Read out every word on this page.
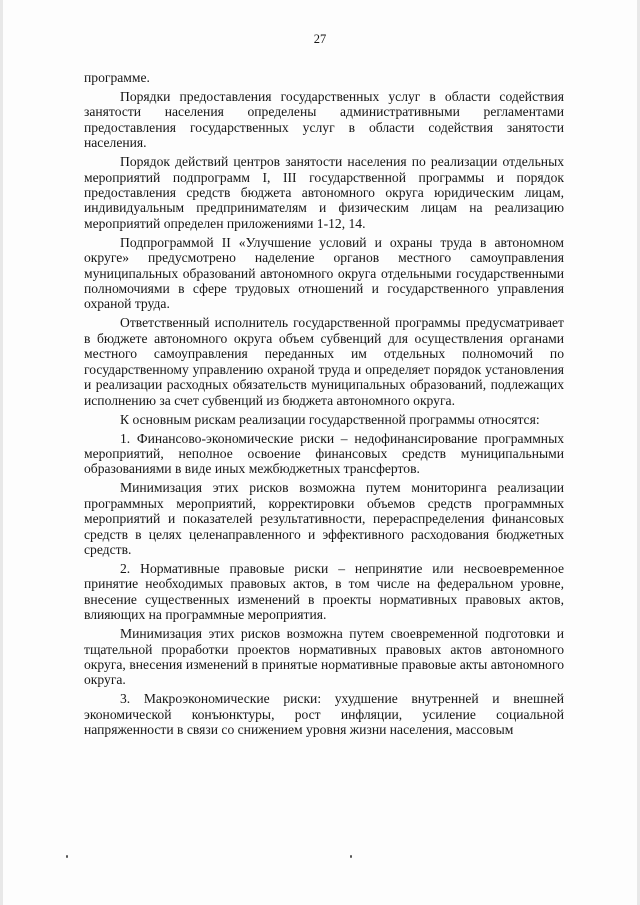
27

программе.

Порядки предоставления государственных услуг в области содействия занятости населения определены административными регламентами предоставления государственных услуг в области содействия занятости населения.

Порядок действий центров занятости населения по реализации отдельных мероприятий подпрограмм I, III государственной программы и порядок предоставления средств бюджета автономного округа юридическим лицам, индивидуальным предпринимателям и физическим лицам на реализацию мероприятий определен приложениями 1-12, 14.

Подпрограммой II «Улучшение условий и охраны труда в автономном округе» предусмотрено наделение органов местного самоуправления муниципальных образований автономного округа отдельными государственными полномочиями в сфере трудовых отношений и государственного управления охраной труда.

Ответственный исполнитель государственной программы предусматривает в бюджете автономного округа объем субвенций для осуществления органами местного самоуправления переданных им отдельных полномочий по государственному управлению охраной труда и определяет порядок установления и реализации расходных обязательств муниципальных образований, подлежащих исполнению за счет субвенций из бюджета автономного округа.

К основным рискам реализации государственной программы относятся:

1. Финансово-экономические риски – недофинансирование программных мероприятий, неполное освоение финансовых средств муниципальными образованиями в виде иных межбюджетных трансфертов.

Минимизация этих рисков возможна путем мониторинга реализации программных мероприятий, корректировки объемов средств программных мероприятий и показателей результативности, перераспределения финансовых средств в целях целенаправленного и эффективного расходования бюджетных средств.

2. Нормативные правовые риски – непринятие или несвоевременное принятие необходимых правовых актов, в том числе на федеральном уровне, внесение существенных изменений в проекты нормативных правовых актов, влияющих на программные мероприятия.

Минимизация этих рисков возможна путем своевременной подготовки и тщательной проработки проектов нормативных правовых актов автономного округа, внесения изменений в принятые нормативные правовые акты автономного округа.

3. Макроэкономические риски: ухудшение внутренней и внешней экономической конъюнктуры, рост инфляции, усиление социальной напряженности в связи со снижением уровня жизни населения, массовым
